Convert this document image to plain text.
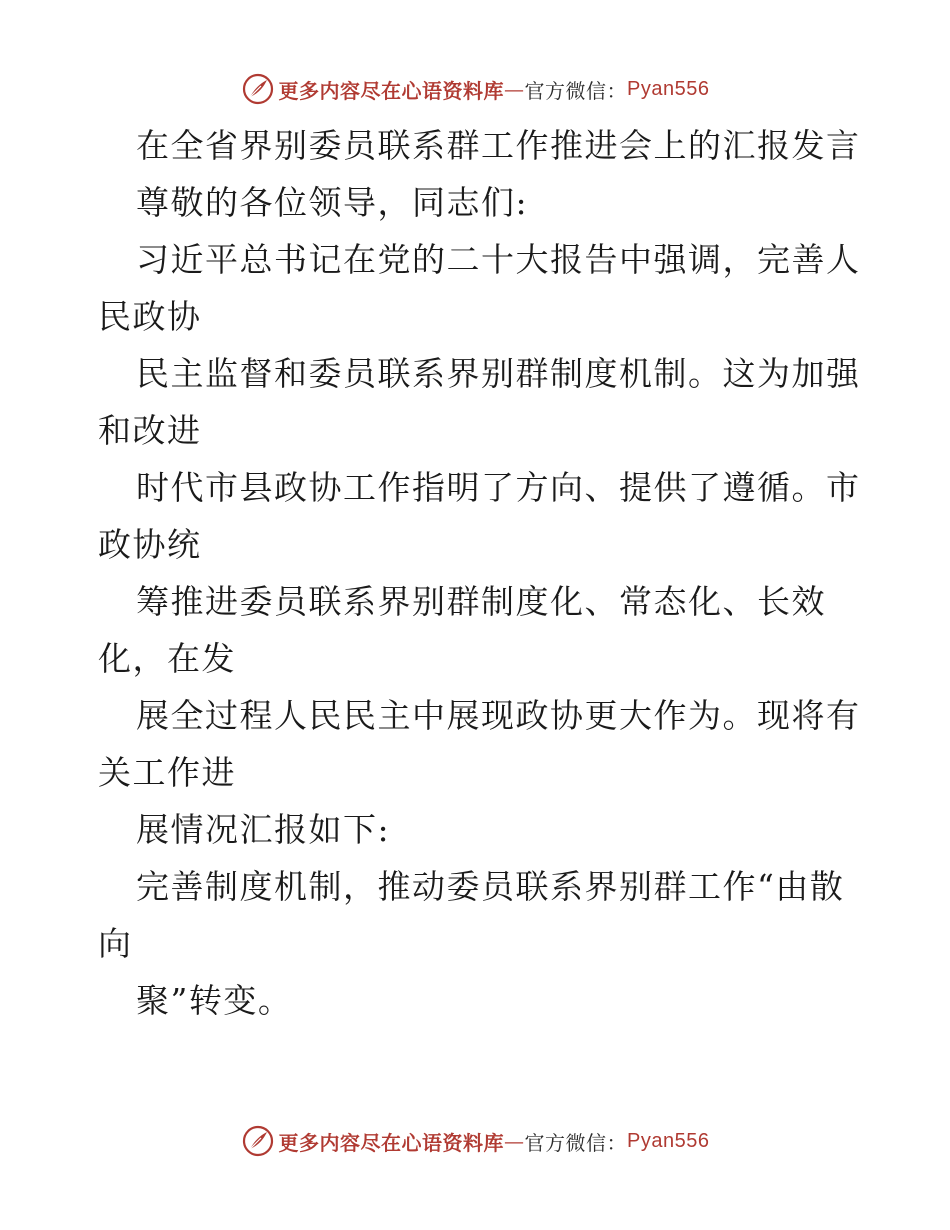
更多内容尽在心语资料库 — 官方微信： Pyan556
在全省界别委员联系群工作推进会上的汇报发言
尊敬的各位领导，同志们:
习近平总书记在党的二十大报告中强调，完善人
民政协
民主监督和委员联系界别群制度机制。这为加强
和改进
时代市县政协工作指明了方向、提供了遵循。市
政协统
筹推进委员联系界别群制度化、常态化、长效
化，在发
展全过程人民民主中展现政协更大作为。现将有
关工作进
展情况汇报如下:
完善制度机制，推动委员联系界别群工作“由散
向
聚”转变。
更多内容尽在心语资料库 — 官方微信： Pyan556
